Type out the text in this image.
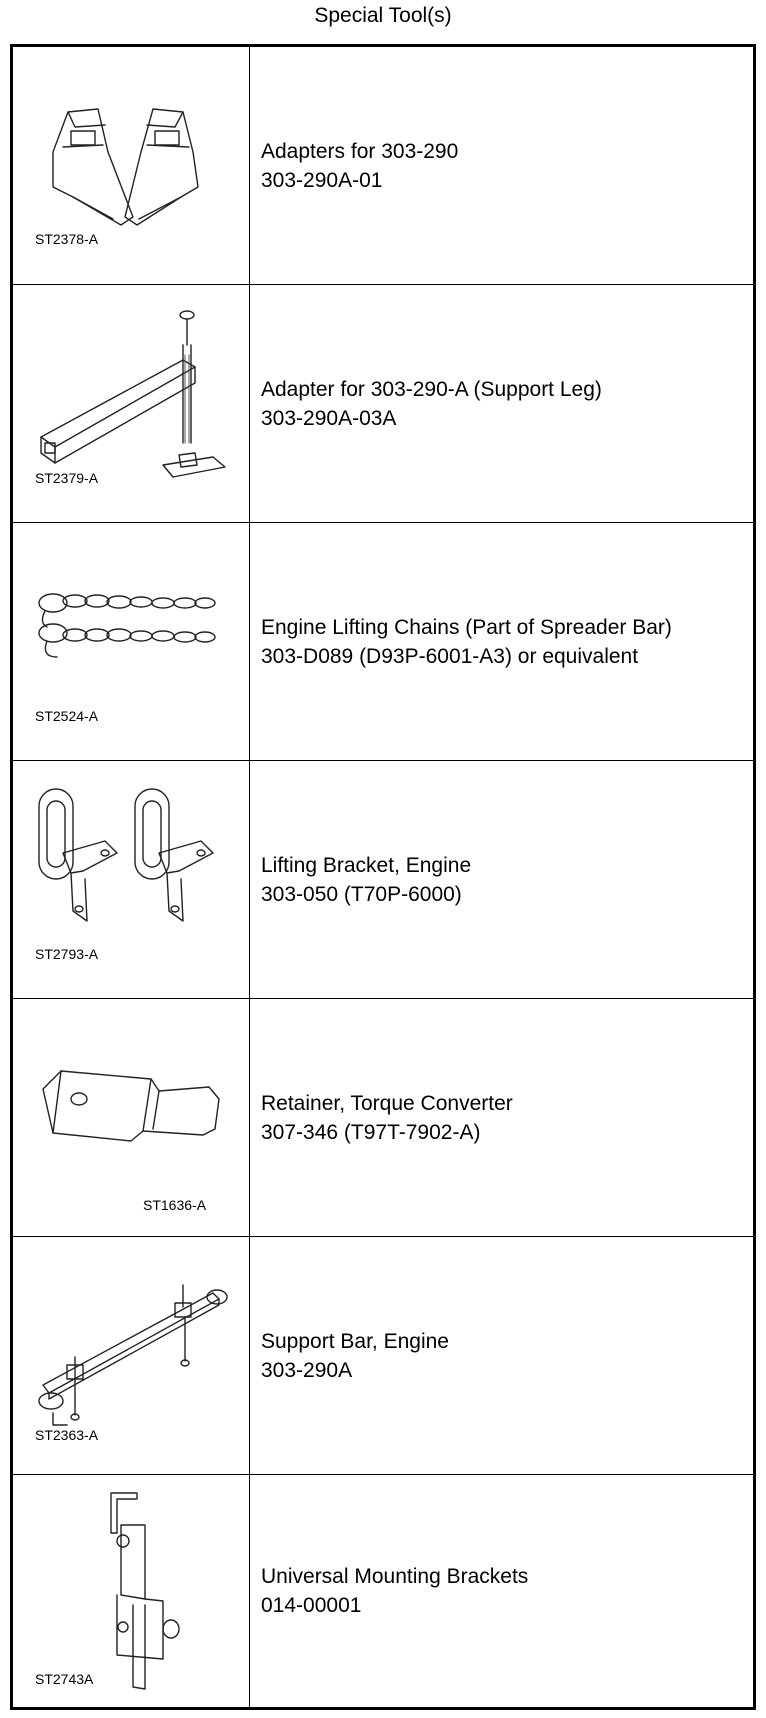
Special Tool(s)
ST2378-A
Adapters for 303-290
303-290A-01
ST2379-A
Adapter for 303-290-A (Support Leg)
303-290A-03A
ST2524-A
Engine Lifting Chains (Part of Spreader Bar)
303-D089 (D93P-6001-A3) or equivalent
ST2793-A
Lifting Bracket, Engine
303-050 (T70P-6000)
ST1636-A
Retainer, Torque Converter
307-346 (T97T-7902-A)
ST2363-A
Support Bar, Engine
303-290A
ST2743A
Universal Mounting Brackets
014-00001
